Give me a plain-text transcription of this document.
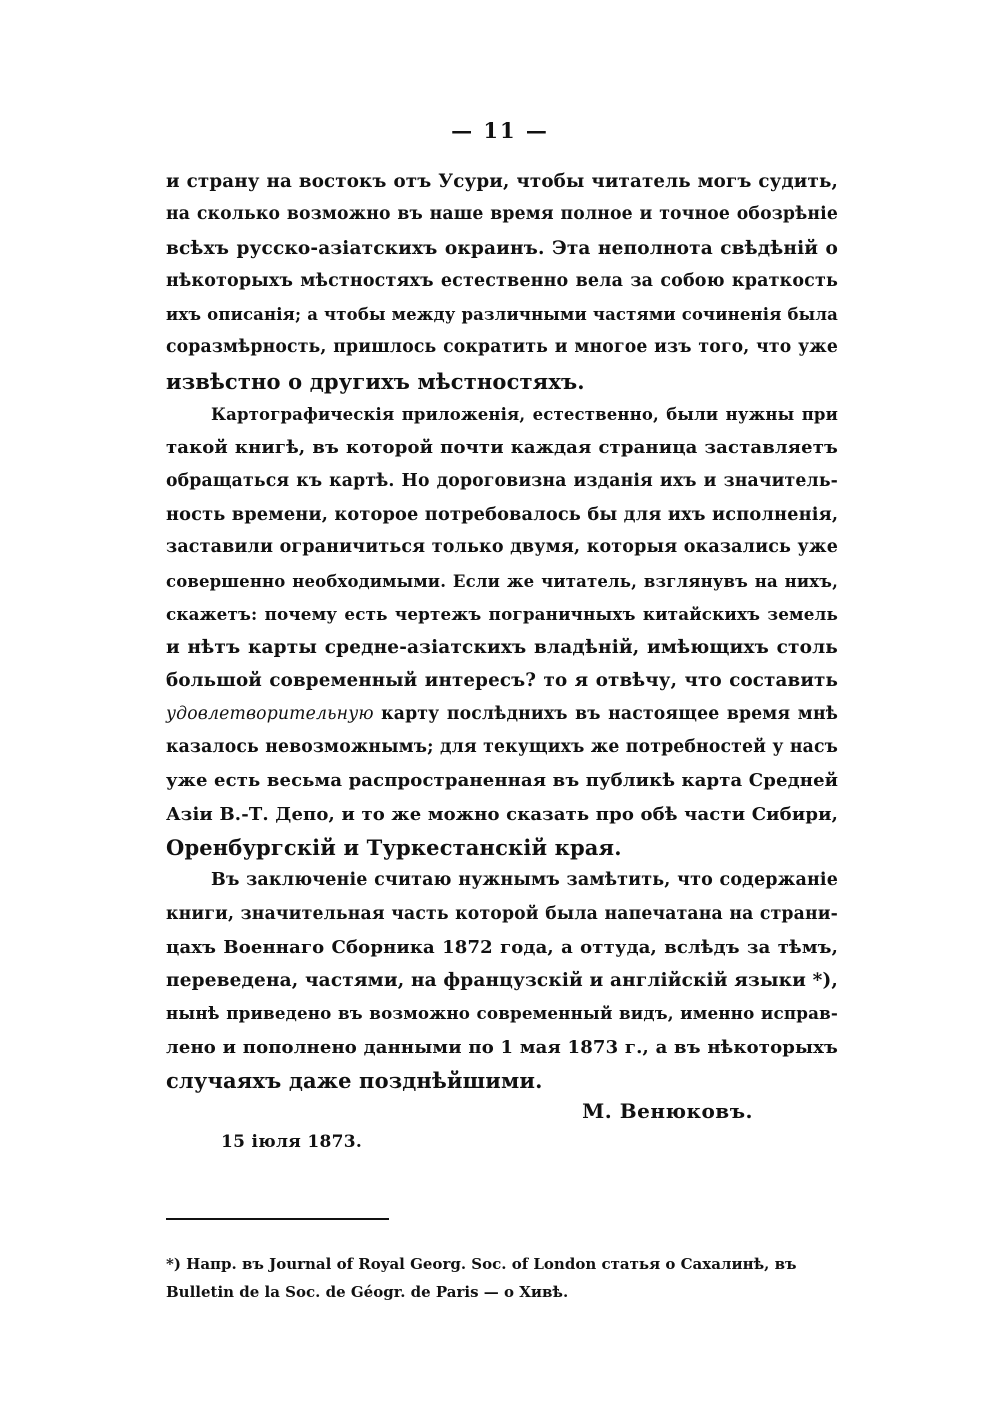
— 11 —
и страну на востокъ отъ Усури, чтобы читатель могъ судить,
на сколько возможно въ наше время полное и точное обозрѣніе
всѣхъ русско-азіатскихъ окраинъ. Эта неполнота свѣдѣній о
нѣкоторыхъ мѣстностяхъ естественно вела за собою краткость
ихъ описанія; а чтобы между различными частями сочиненія была
соразмѣрность, пришлось сократить и многое изъ того, что уже
извѣстно о другихъ мѣстностяхъ.
Картографическія приложенія, естественно, были нужны при
такой книгѣ, въ которой почти каждая страница заставляетъ
обращаться къ картѣ. Но дороговизна изданія ихъ и значитель-
ность времени, которое потребовалось бы для ихъ исполненія,
заставили ограничиться только двумя, которыя оказались уже
совершенно необходимыми. Если же читатель, взглянувъ на нихъ,
скажетъ: почему есть чертежъ пограничныхъ китайскихъ земель
и нѣтъ карты средне-азіатскихъ владѣній, имѣющихъ столь
большой современный интересъ? то я отвѣчу, что составить
удовлетворительную карту послѣднихъ въ настоящее время мнѣ
казалось невозможнымъ; для текущихъ же потребностей у насъ
уже есть весьма распространенная въ публикѣ карта Средней
Азіи В.-Т. Депо, и то же можно сказать про обѣ части Сибири,
Оренбургскій и Туркестанскій края.
Въ заключеніе считаю нужнымъ замѣтить, что содержаніе
книги, значительная часть которой была напечатана на страни-
цахъ Военнаго Сборника 1872 года, а оттуда, вслѣдъ за тѣмъ,
переведена, частями, на французскій и англійскій языки *),
нынѣ приведено въ возможно современный видъ, именно исправ-
лено и пополнено данными по 1 мая 1873 г., а въ нѣкоторыхъ
случаяхъ даже позднѣйшими.
М. Венюковъ.
15 іюля 1873.
*) Напр. въ Journal of Royal Georg. Soc. of London статья о Сахалинѣ, въ
Bulletin de la Soc. de Géogr. de Paris — о Хивѣ.
